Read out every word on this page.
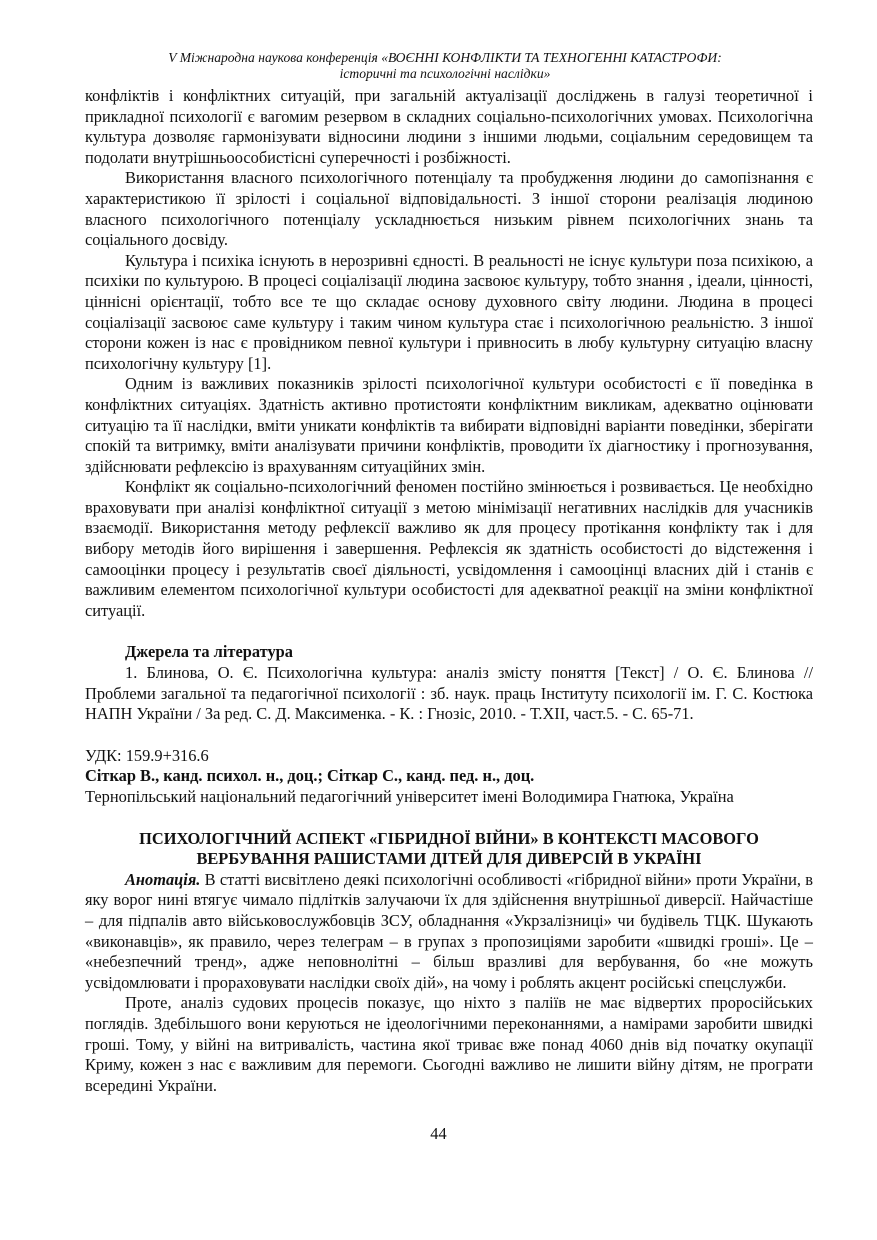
V Міжнародна наукова конференція «ВОЄННІ КОНФЛІКТИ ТА ТЕХНОГЕННІ КАТАСТРОФИ:
історичні та психологічні наслідки»

конфліктів і конфліктних ситуацій, при загальній актуалізації досліджень в галузі теоретичної і прикладної психології є вагомим резервом в складних соціально-психологічних умовах. Психологічна культура дозволяє гармонізувати відносини людини з іншими людьми, соціальним середовищем та подолати внутрішньоособистісні суперечності і розбіжності.

Використання власного психологічного потенціалу та пробудження людини до самопізнання є характеристикою її зрілості і соціальної відповідальності. З іншої сторони реалізація людиною власного психологічного потенціалу ускладнюється низьким рівнем психологічних знань та соціального досвіду.

Культура і психіка існують в нерозривні єдності. В реальності не існує культури поза психікою, а психіки по культурою. В процесі соціалізації людина засвоює культуру, тобто знання , ідеали, цінності, ціннісні орієнтації, тобто все те що складає основу духовного світу людини. Людина в процесі соціалізації засвоює саме культуру і таким чином культура стає і психологічною реальністю. З іншої сторони кожен із нас є провідником певної культури і привносить в любу культурну ситуацію власну психологічну культуру [1].

Одним із важливих показників зрілості психологічної культури особистості є її поведінка в конфліктних ситуаціях. Здатність активно протистояти конфліктним викликам, адекватно оцінювати ситуацію та її наслідки, вміти уникати конфліктів та вибирати відповідні варіанти поведінки, зберігати спокій та витримку, вміти аналізувати причини конфліктів, проводити їх діагностику і прогнозування, здійснювати рефлексію із врахуванням ситуаційних змін.

Конфлікт як соціально-психологічний феномен постійно змінюється і розвивається. Це необхідно враховувати при аналізі конфліктної ситуації з метою мінімізації негативних наслідків для учасників взаємодії. Використання методу рефлексії важливо як для процесу протікання конфлікту так і для вибору методів його вирішення і завершення. Рефлексія як здатність особистості до відстеження і самооцінки процесу і результатів своєї діяльності, усвідомлення і самооцінці власних дій і станів є важливим елементом психологічної культури особистості для адекватної реакції на зміни конфліктної ситуації.

Джерела та література

1. Блинова, О. Є. Психологічна культура: аналіз змісту поняття [Текст] / О. Є. Блинова // Проблеми загальної та педагогічної психології : зб. наук. праць Інституту психології ім. Г. С. Костюка НАПН України / За ред. С. Д. Максименка. - К. : Гнозіс, 2010. - Т.XII, част.5. - С. 65-71.

УДК: 159.9+316.6

Сіткар В., канд. психол. н., доц.; Сіткар С., канд. пед. н., доц.

Тернопільський національний педагогічний університет імені Володимира Гнатюка, Україна

ПСИХОЛОГІЧНИЙ АСПЕКТ «ГІБРИДНОЇ ВІЙНИ» В КОНТЕКСТІ МАСОВОГО
ВЕРБУВАННЯ РАШИСТАМИ ДІТЕЙ ДЛЯ ДИВЕРСІЙ В УКРАЇНІ

Анотація. В статті висвітлено деякі психологічні особливості «гібридної війни» проти України, в яку ворог нині втягує чимало підлітків залучаючи їх для здійснення внутрішньої диверсії. Найчастіше – для підпалів авто військовослужбовців ЗСУ, обладнання «Укрзалізниці» чи будівель ТЦК. Шукають «виконавців», як правило, через телеграм – в групах з пропозиціями заробити «швидкі гроші». Це – «небезпечний тренд», адже неповнолітні – більш вразливі для вербування, бо «не можуть усвідомлювати і прораховувати наслідки своїх дій», на чому і роблять акцент російські спецслужби.

Проте, аналіз судових процесів показує, що ніхто з паліїв не має відвертих проросійських поглядів. Здебільшого вони керуються не ідеологічними переконаннями, а намірами заробити швидкі гроші. Тому, у війні на витривалість, частина якої триває вже понад 4060 днів від початку окупації Криму, кожен з нас є важливим для перемоги. Сьогодні важливо не лишити війну дітям, не програти всередині України.

44
